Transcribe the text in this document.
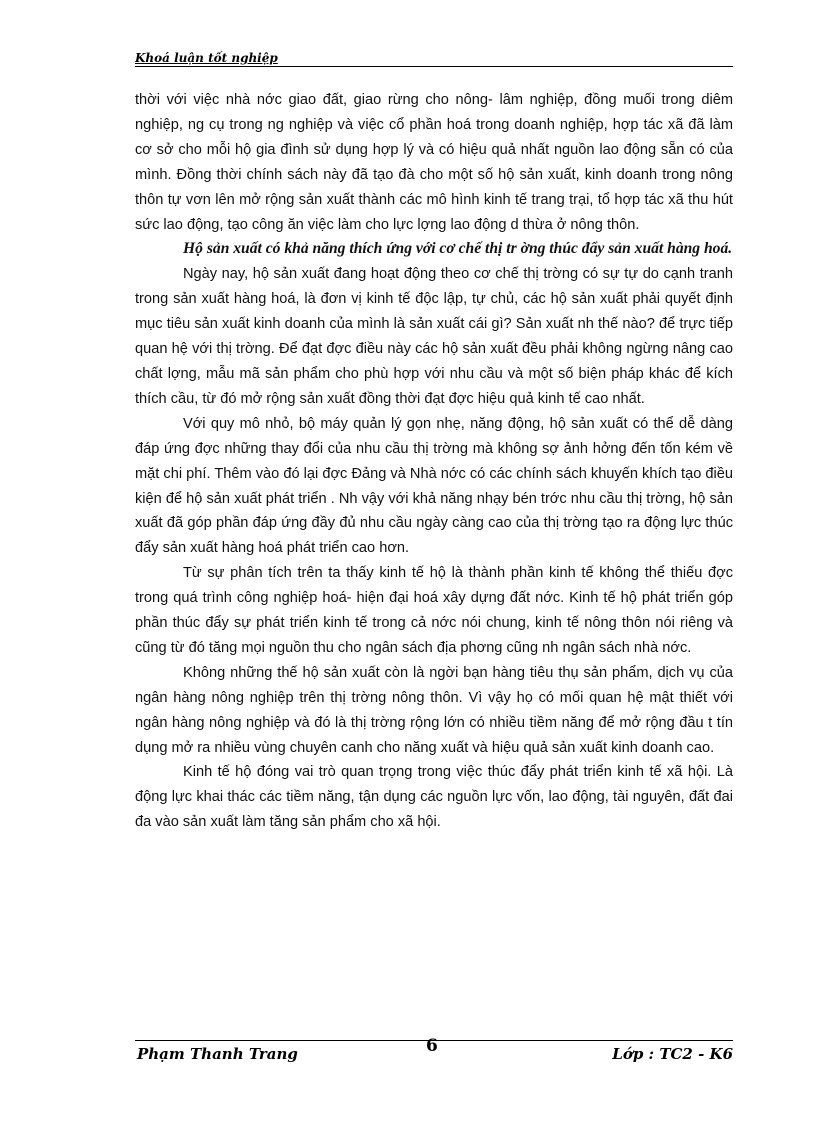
Khoá luận tốt nghiệp

thời với việc nhà nớc giao đất, giao rừng cho nông- lâm nghiệp, đồng muối trong diêm nghiệp, ng cụ trong ng nghiệp và việc cổ phần hoá trong doanh nghiệp, hợp tác xã đã làm cơ sở cho mỗi hộ gia đình sử dụng hợp lý và có hiệu quả nhất nguồn lao động sẵn có của mình. Đồng thời chính sách này đã tạo đà cho một số hộ sản xuất, kinh doanh trong nông thôn tự vơn lên mở rộng sản xuất thành các mô hình kinh tế trang trại, tổ hợp tác xã thu hút sức lao động, tạo công ăn việc làm cho lực lợng lao động d thừa ở nông thôn.

Hộ sản xuất có khả năng thích ứng với cơ chế thị tr ờng thúc đẩy sản xuất hàng hoá.

Ngày nay, hộ sản xuất đang hoạt động theo cơ chế thị trờng có sự tự do cạnh tranh trong sản xuất hàng hoá, là đơn vị kinh tế độc lập, tự chủ, các hộ sản xuất phải quyết định mục tiêu sản xuất kinh doanh của mình là sản xuất cái gì? Sản xuất nh thế nào? để trực tiếp quan hệ với thị trờng. Để đạt đợc điều này các hộ sản xuất đều phải không ngừng nâng cao chất lợng, mẫu mã sản phẩm cho phù hợp với nhu cầu và một số biện pháp khác để kích thích cầu, từ đó mở rộng sản xuất đồng thời đạt đợc hiệu quả kinh tế cao nhất.

Với quy mô nhỏ, bộ máy quản lý gọn nhẹ, năng động, hộ sản xuất có thể dễ dàng đáp ứng đợc những thay đổi của nhu cầu thị trờng mà không sợ ảnh hởng đến tốn kém về mặt chi phí. Thêm vào đó lại đợc Đảng và Nhà nớc có các chính sách khuyến khích tạo điều kiện để hộ sản xuất phát triển . Nh vậy với khả năng nhạy bén trớc nhu cầu thị trờng, hộ sản xuất đã góp phần đáp ứng đầy đủ nhu cầu ngày càng cao của thị trờng tạo ra động lực thúc đẩy sản xuất hàng hoá phát triển cao hơn.

Từ sự phân tích trên ta thấy kinh tế hộ là thành phần kinh tế không thể thiếu đợc trong quá trình công nghiệp hoá- hiện đại hoá xây dựng đất nớc. Kinh tế hộ phát triển góp phần thúc đẩy sự phát triển kinh tế trong cả nớc nói chung, kinh tế nông thôn nói riêng và cũng từ đó tăng mọi nguồn thu cho ngân sách địa phơng cũng nh ngân sách nhà nớc.

Không những thế hộ sản xuất còn là ngời bạn hàng tiêu thụ sản phẩm, dịch vụ của ngân hàng nông nghiệp trên thị trờng nông thôn. Vì vậy họ có mối quan hệ mật thiết với ngân hàng nông nghiệp và đó là thị trờng rộng lớn có nhiều tiềm năng để mở rộng đầu t tín dụng mở ra nhiều vùng chuyên canh cho năng xuất và hiệu quả sản xuất kinh doanh cao.

Kinh tế hộ đóng vai trò quan trọng trong việc thúc đẩy phát triển kinh tế xã hội. Là động lực khai thác các tiềm năng, tận dụng các nguồn lực vốn, lao động, tài nguyên, đất đai đa vào sản xuất làm tăng sản phẩm cho xã hội.

Phạm Thanh Trang	6	Lớp : TC2 - K6
